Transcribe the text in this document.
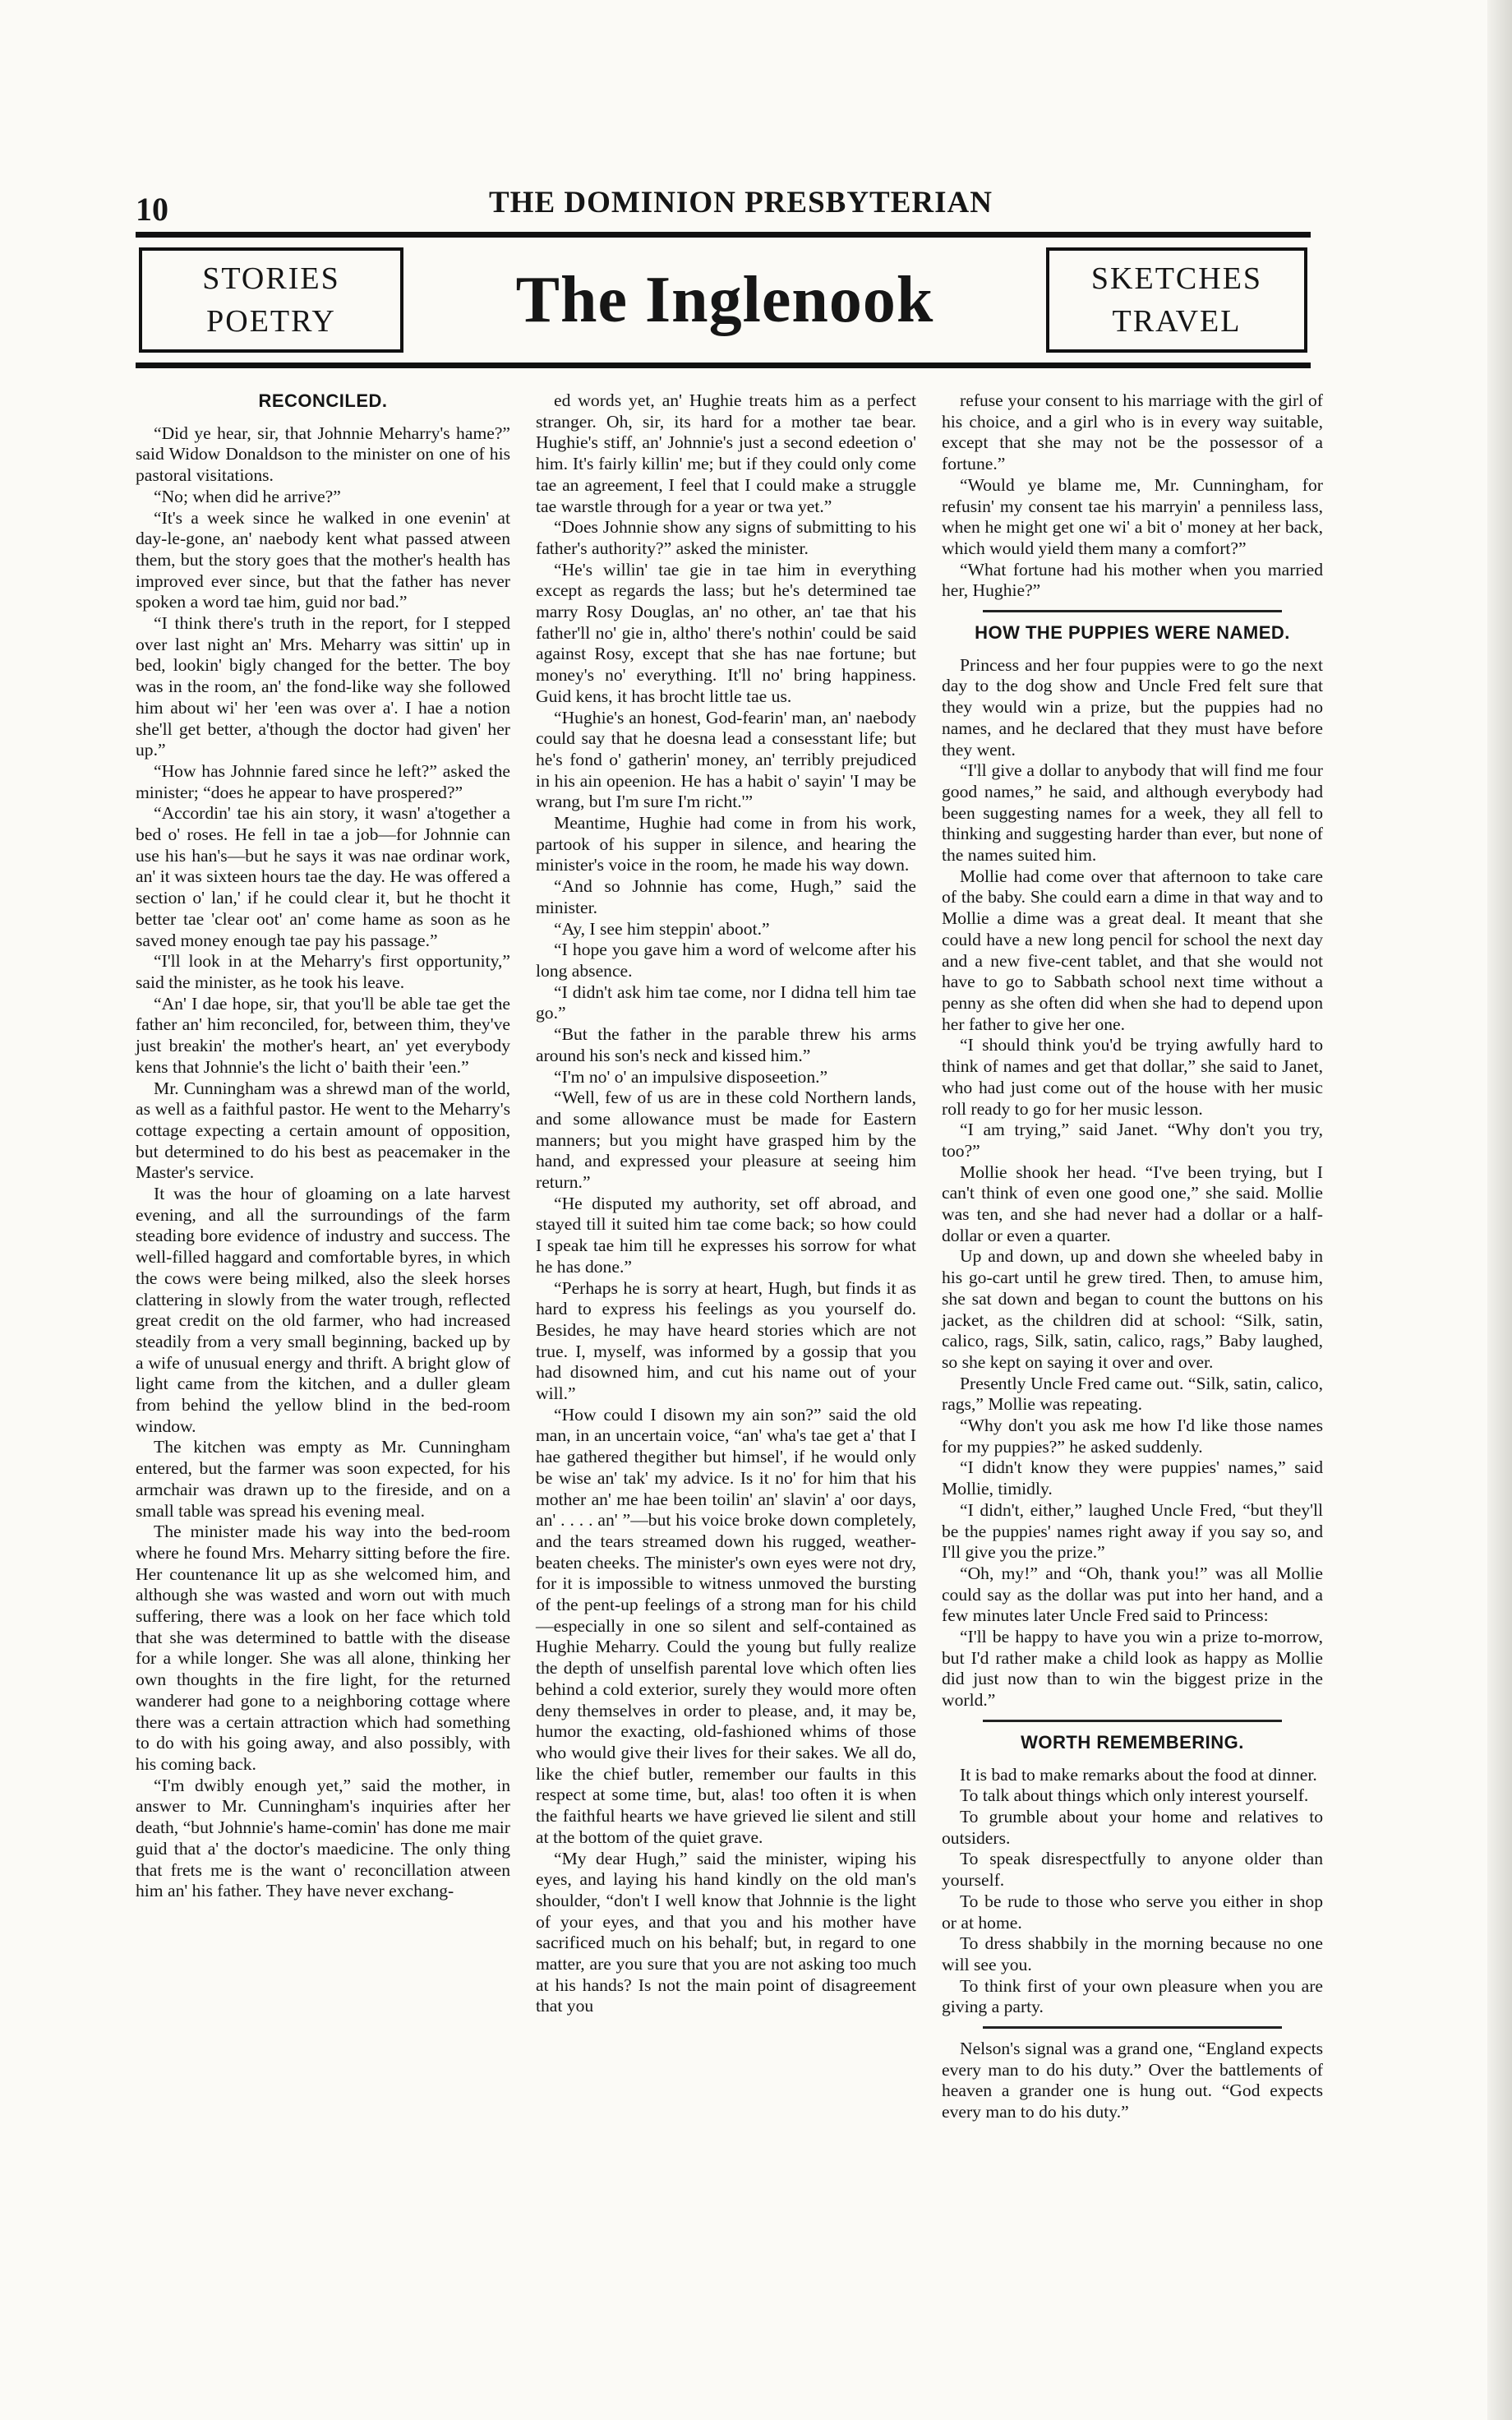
10	THE DOMINION PRESBYTERIAN
STORIES
POETRY	The Inglenook	SKETCHES
TRAVEL
RECONCILED.

“Did ye hear, sir, that Johnnie Meharry's hame?” said Widow Donaldson to the minister on one of his pastoral visitations.

“No; when did he arrive?”

“It's a week since he walked in one evenin' at day-le-gone, an' naebody kent what passed atween them, but the story goes that the mother's health has improved ever since, but that the father has never spoken a word tae him, guid nor bad.”

“I think there's truth in the report, for I stepped over last night an' Mrs. Meharry was sittin' up in bed, lookin' bigly changed for the better. The boy was in the room, an' the fond-like way she followed him about wi' her 'een was over a'. I hae a notion she'll get better, a'though the doctor had given' her up.”

“How has Johnnie fared since he left?” asked the minister; “does he appear to have prospered?”

“Accordin' tae his ain story, it wasn' a'together a bed o' roses. He fell in tae a job—for Johnnie can use his han's—but he says it was nae ordinar work, an' it was sixteen hours tae the day. He was offered a section o' lan,' if he could clear it, but he thocht it better tae 'clear oot' an' come hame as soon as he saved money enough tae pay his passage.”

“I'll look in at the Meharry's first opportunity,” said the minister, as he took his leave.

“An' I dae hope, sir, that you'll be able tae get the father an' him reconciled, for, between thim, they've just breakin' the mother's heart, an' yet everybody kens that Johnnie's the licht o' baith their 'een.”

Mr. Cunningham was a shrewd man of the world, as well as a faithful pastor. He went to the Meharry's cottage expecting a certain amount of opposition, but determined to do his best as peacemaker in the Master's service.

It was the hour of gloaming on a late harvest evening, and all the surroundings of the farm steading bore evidence of industry and success. The well-filled haggard and comfortable byres, in which the cows were being milked, also the sleek horses clattering in slowly from the water trough, reflected great credit on the old farmer, who had increased steadily from a very small beginning, backed up by a wife of unusual energy and thrift. A bright glow of light came from the kitchen, and a duller gleam from behind the yellow blind in the bed-room window.

The kitchen was empty as Mr. Cunningham entered, but the farmer was soon expected, for his armchair was drawn up to the fireside, and on a small table was spread his evening meal.

The minister made his way into the bed-room where he found Mrs. Meharry sitting before the fire. Her countenance lit up as she welcomed him, and although she was wasted and worn out with much suffering, there was a look on her face which told that she was determined to battle with the disease for a while longer. She was all alone, thinking her own thoughts in the fire light, for the returned wanderer had gone to a neighboring cottage where there was a certain attraction which had something to do with his going away, and also possibly, with his coming back.

“I'm dwibly enough yet,” said the mother, in answer to Mr. Cunningham's inquiries after her death, “but Johnnie's hame-comin' has done me mair guid that a' the doctor's maedicine. The only thing that frets me is the want o' reconcillation atween him an' his father. They have never exchang-

ed words yet, an' Hughie treats him as a perfect stranger. Oh, sir, its hard for a mother tae bear. Hughie's stiff, an' Johnnie's just a second edeetion o' him. It's fairly killin' me; but if they could only come tae an agreement, I feel that I could make a struggle tae warstle through for a year or twa yet.”

“Does Johnnie show any signs of submitting to his father's authority?” asked the minister.

“He's willin' tae gie in tae him in everything except as regards the lass; but he's determined tae marry Rosy Douglas, an' no other, an' tae that his father'll no' gie in, altho' there's nothin' could be said against Rosy, except that she has nae fortune; but money's no' everything. It'll no' bring happiness. Guid kens, it has brocht little tae us.

“Hughie's an honest, God-fearin' man, an' naebody could say that he doesna lead a consesstant life; but he's fond o' gatherin' money, an' terribly prejudiced in his ain opeenion. He has a habit o' sayin' 'I may be wrang, but I'm sure I'm richt.'”

Meantime, Hughie had come in from his work, partook of his supper in silence, and hearing the minister's voice in the room, he made his way down.

“And so Johnnie has come, Hugh,” said the minister.

“Ay, I see him steppin' aboot.”

“I hope you gave him a word of welcome after his long absence.

“I didn't ask him tae come, nor I didna tell him tae go.”

“But the father in the parable threw his arms around his son's neck and kissed him.”

“I'm no' o' an impulsive disposeetion.”

“Well, few of us are in these cold Northern lands, and some allowance must be made for Eastern manners; but you might have grasped him by the hand, and expressed your pleasure at seeing him return.”

“He disputed my authority, set off abroad, and stayed till it suited him tae come back; so how could I speak tae him till he expresses his sorrow for what he has done.”

“Perhaps he is sorry at heart, Hugh, but finds it as hard to express his feelings as you yourself do. Besides, he may have heard stories which are not true. I, myself, was informed by a gossip that you had disowned him, and cut his name out of your will.”

“How could I disown my ain son?” said the old man, in an uncertain voice, “an' wha's tae get a' that I hae gathered thegither but himsel', if he would only be wise an' tak' my advice. Is it no' for him that his mother an' me hae been toilin' an' slavin' a' oor days, an' . . . . an' ”—but his voice broke down completely, and the tears streamed down his rugged, weather-beaten cheeks. The minister's own eyes were not dry, for it is impossible to witness unmoved the bursting of the pent-up feelings of a strong man for his child—especially in one so silent and self-contained as Hughie Meharry. Could the young but fully realize the depth of unselfish parental love which often lies behind a cold exterior, surely they would more often deny themselves in order to please, and, it may be, humor the exacting, old-fashioned whims of those who would give their lives for their sakes. We all do, like the chief butler, remember our faults in this respect at some time, but, alas! too often it is when the faithful hearts we have grieved lie silent and still at the bottom of the quiet grave.

“My dear Hugh,” said the minister, wiping his eyes, and laying his hand kindly on the old man's shoulder, “don't I well know that Johnnie is the light of your eyes, and that you and his mother have sacrificed much on his behalf; but, in regard to one matter, are you sure that you are not asking too much at his hands? Is not the main point of disagreement that you

refuse your consent to his marriage with the girl of his choice, and a girl who is in every way suitable, except that she may not be the possessor of a fortune.”

“Would ye blame me, Mr. Cunningham, for refusin' my consent tae his marryin' a penniless lass, when he might get one wi' a bit o' money at her back, which would yield them many a comfort?”

“What fortune had his mother when you married her, Hughie?”

HOW THE PUPPIES WERE NAMED.

Princess and her four puppies were to go the next day to the dog show and Uncle Fred felt sure that they would win a prize, but the puppies had no names, and he declared that they must have before they went.

“I'll give a dollar to anybody that will find me four good names,” he said, and although everybody had been suggesting names for a week, they all fell to thinking and suggesting harder than ever, but none of the names suited him.

Mollie had come over that afternoon to take care of the baby. She could earn a dime in that way and to Mollie a dime was a great deal. It meant that she could have a new long pencil for school the next day and a new five-cent tablet, and that she would not have to go to Sabbath school next time without a penny as she often did when she had to depend upon her father to give her one.

“I should think you'd be trying awfully hard to think of names and get that dollar,” she said to Janet, who had just come out of the house with her music roll ready to go for her music lesson.

“I am trying,” said Janet. “Why don't you try, too?”

Mollie shook her head. “I've been trying, but I can't think of even one good one,” she said. Mollie was ten, and she had never had a dollar or a half-dollar or even a quarter.

Up and down, up and down she wheeled baby in his go-cart until he grew tired. Then, to amuse him, she sat down and began to count the buttons on his jacket, as the children did at school: “Silk, satin, calico, rags, Silk, satin, calico, rags,” Baby laughed, so she kept on saying it over and over.

Presently Uncle Fred came out. “Silk, satin, calico, rags,” Mollie was repeating.

“Why don't you ask me how I'd like those names for my puppies?” he asked suddenly.

“I didn't know they were puppies' names,” said Mollie, timidly.

“I didn't, either,” laughed Uncle Fred, “but they'll be the puppies' names right away if you say so, and I'll give you the prize.”

“Oh, my!” and “Oh, thank you!” was all Mollie could say as the dollar was put into her hand, and a few minutes later Uncle Fred said to Princess:

“I'll be happy to have you win a prize to-morrow, but I'd rather make a child look as happy as Mollie did just now than to win the biggest prize in the world.”

WORTH REMEMBERING.

It is bad to make remarks about the food at dinner.

To talk about things which only interest yourself.

To grumble about your home and relatives to outsiders.

To speak disrespectfully to anyone older than yourself.

To be rude to those who serve you either in shop or at home.

To dress shabbily in the morning because no one will see you.

To think first of your own pleasure when you are giving a party.

Nelson's signal was a grand one, “England expects every man to do his duty.” Over the battlements of heaven a grander one is hung out. “God expects every man to do his duty.”
